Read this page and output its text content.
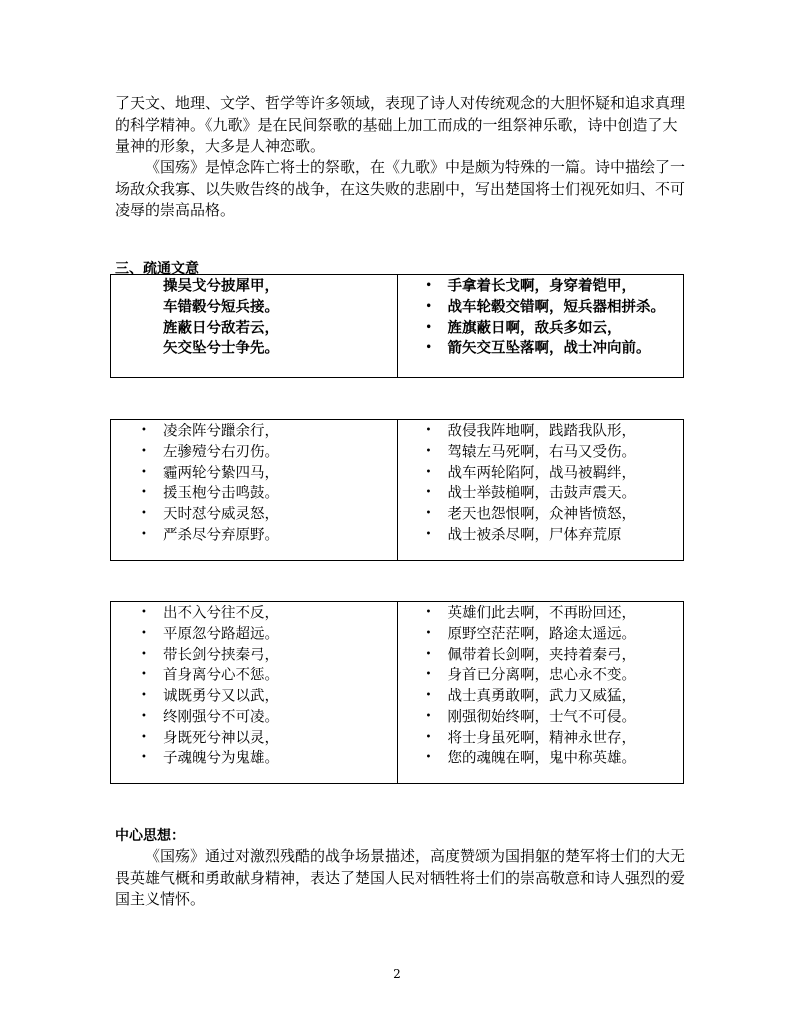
了天文、地理、文学、哲学等许多领域，表现了诗人对传统观念的大胆怀疑和追求真理的科学精神。《九歌》是在民间祭歌的基础上加工而成的一组祭神乐歌，诗中创造了大量神的形象，大多是人神恋歌。

《国殇》是悼念阵亡将士的祭歌，在《九歌》中是颇为特殊的一篇。诗中描绘了一场敌众我寡、以失败告终的战争，在这失败的悲剧中，写出楚国将士们视死如归、不可凌辱的崇高品格。

三、疏通文意

操吴戈兮披犀甲，
车错毂兮短兵接。
旌蔽日兮敌若云，
矢交坠兮士争先。
• 手拿着长戈啊，身穿着铠甲，
• 战车轮毂交错啊，短兵器相拼杀。
• 旌旗蔽日啊，敌兵多如云，
• 箭矢交互坠落啊，战士冲向前。
• 凌余阵兮躐余行，
• 左骖殪兮右刃伤。
• 霾两轮兮絷四马，
• 援玉枹兮击鸣鼓。
• 天时怼兮威灵怒，
• 严杀尽兮弃原野。
• 敌侵我阵地啊，践踏我队形，
• 驾辕左马死啊，右马又受伤。
• 战车两轮陷阿，战马被羁绊，
• 战士举鼓槌啊，击鼓声震天。
• 老天也怨恨啊，众神皆愤怒，
• 战士被杀尽啊，尸体弃荒原
• 出不入兮往不反，
• 平原忽兮路超远。
• 带长剑兮挟秦弓，
• 首身离兮心不惩。
• 诚既勇兮又以武，
• 终刚强兮不可凌。
• 身既死兮神以灵，
• 子魂魄兮为鬼雄。
• 英雄们此去啊，不再盼回还，
• 原野空茫茫啊，路途太遥远。
• 佩带着长剑啊，夹持着秦弓，
• 身首已分离啊，忠心永不变。
• 战士真勇敢啊，武力又威猛，
• 刚强彻始终啊，士气不可侵。
• 将士身虽死啊，精神永世存，
• 您的魂魄在啊，鬼中称英雄。

中心思想：

《国殇》通过对激烈残酷的战争场景描述，高度赞颂为国捐躯的楚军将士们的大无畏英雄气概和勇敢献身精神，表达了楚国人民对牺牲将士们的崇高敬意和诗人强烈的爱国主义情怀。

2
